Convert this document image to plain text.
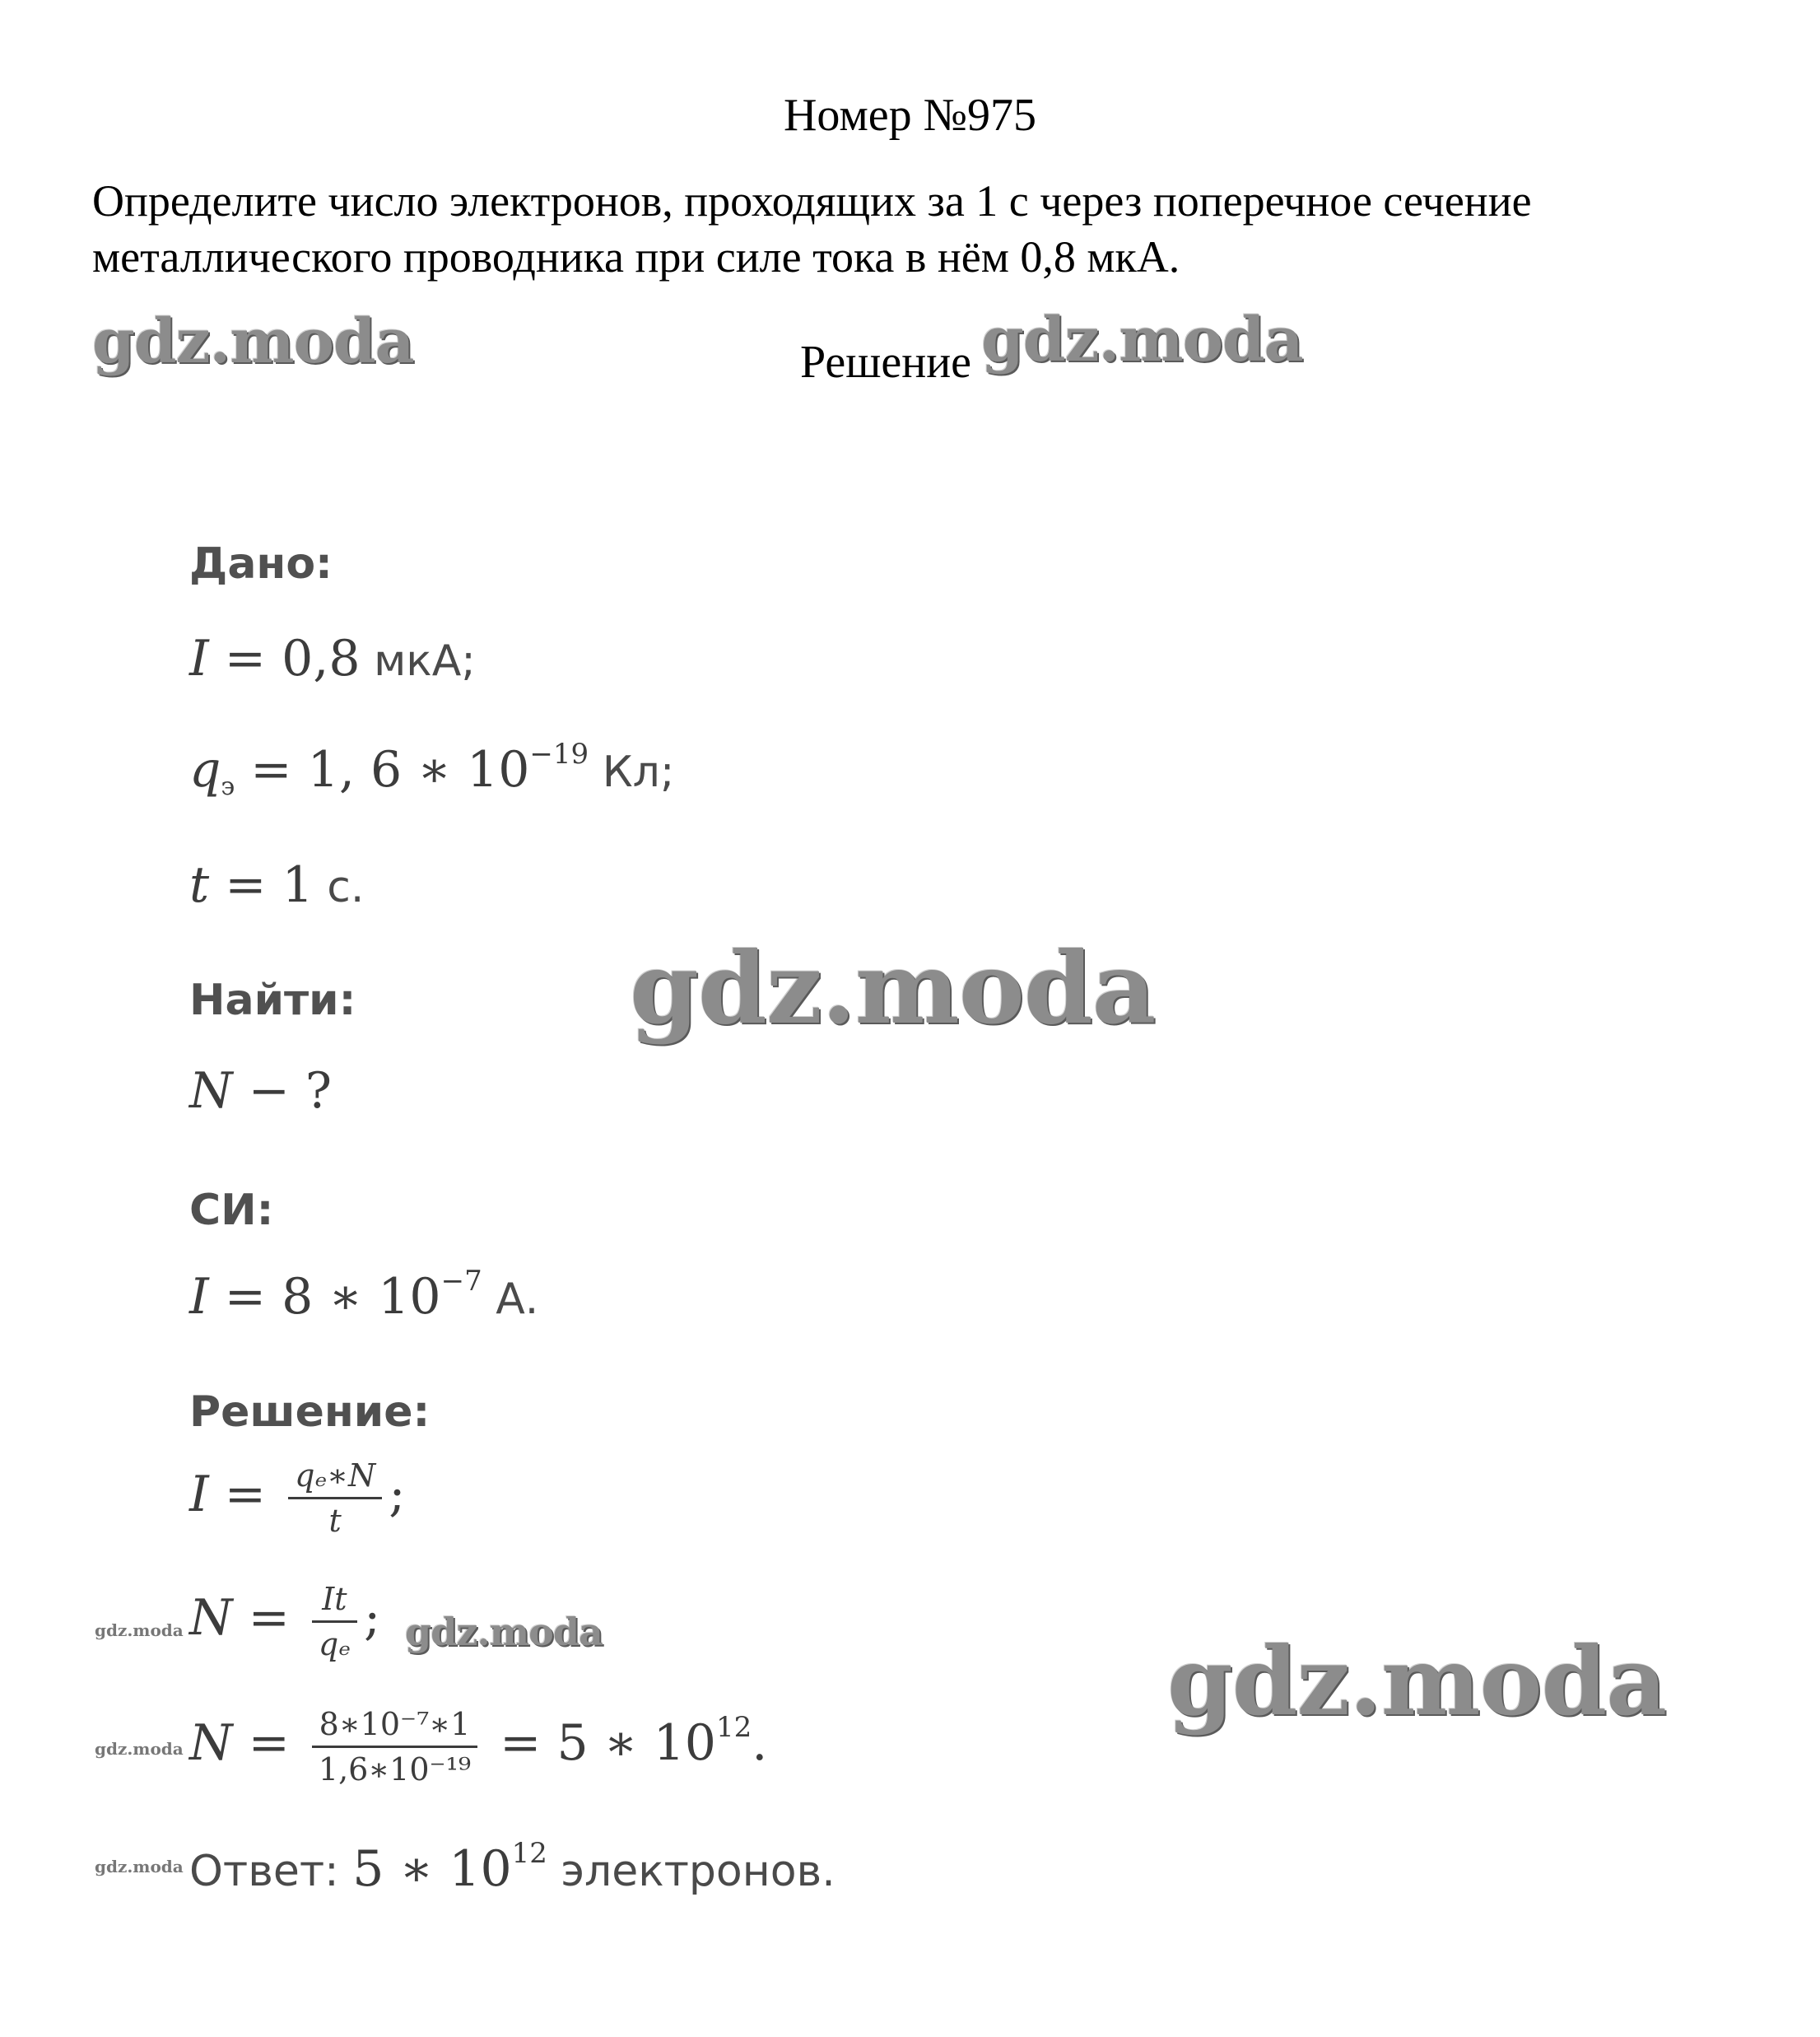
Номер №975
Определите число электронов, проходящих за 1 с через поперечное сечение металлического проводника при силе тока в нём 0,8 мкА.
gdz.moda	Решение gdz.moda
gdz.moda
gdz.moda
Дано:
I = 0,8 мкА;
$q_э = 1$, 6 ∗ $10^{-19}$ Кл;
t = 1 с.
Найти:
N − ?
СИ:
I = 8 ∗ $10^{-7}$ А.
Решение:
$I = \frac{\text{qₑ∗N}}{t}$ ;
gdz.moda $N = \frac{It}{\text{qₑ}}$ ; gdz.moda
gdz.moda $N = \frac{\text{8∗10⁻⁷∗1}}{\text{1,6∗10⁻¹⁹}} = 5$ ∗ $10^{12}$.
gdz.moda Ответ: 5 ∗ $10^{12}$ электронов.
